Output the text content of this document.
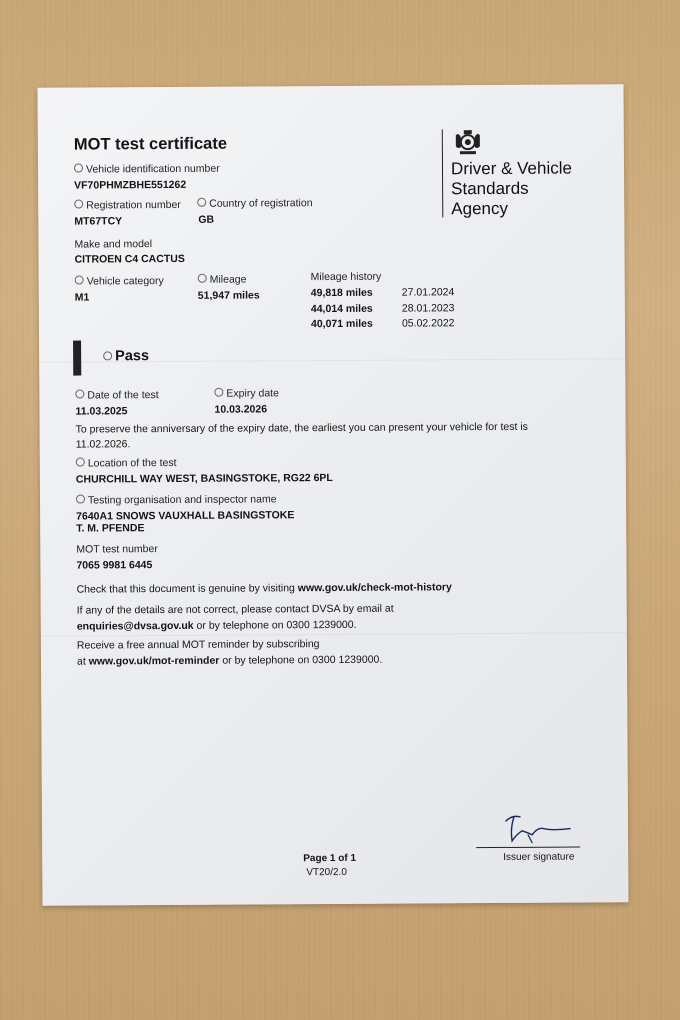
MOT test certificate
Driver & Vehicle
Standards
Agency
Vehicle identification number
VF70PHMZBHE551262
Registration number
MT67TCY
Country of registration
GB
Make and model
CITROEN C4 CACTUS
Vehicle category
M1
Mileage
51,947 miles
Mileage history
49,818 miles	27.01.2024
44,014 miles	28.01.2023
40,071 miles	05.02.2022
Pass
Date of the test
11.03.2025
Expiry date
10.03.2026
To preserve the anniversary of the expiry date, the earliest you can present your vehicle for test is
11.02.2026.
Location of the test
CHURCHILL WAY WEST, BASINGSTOKE, RG22 6PL
Testing organisation and inspector name
7640A1 SNOWS VAUXHALL BASINGSTOKE
T. M. PFENDE
MOT test number
7065 9981 6445
Check that this document is genuine by visiting www.gov.uk/check-mot-history
If any of the details are not correct, please contact DVSA by email at
enquiries@dvsa.gov.uk or by telephone on 0300 1239000.
Receive a free annual MOT reminder by subscribing
at www.gov.uk/mot-reminder or by telephone on 0300 1239000.
Issuer signature
Page 1 of 1
VT20/2.0
